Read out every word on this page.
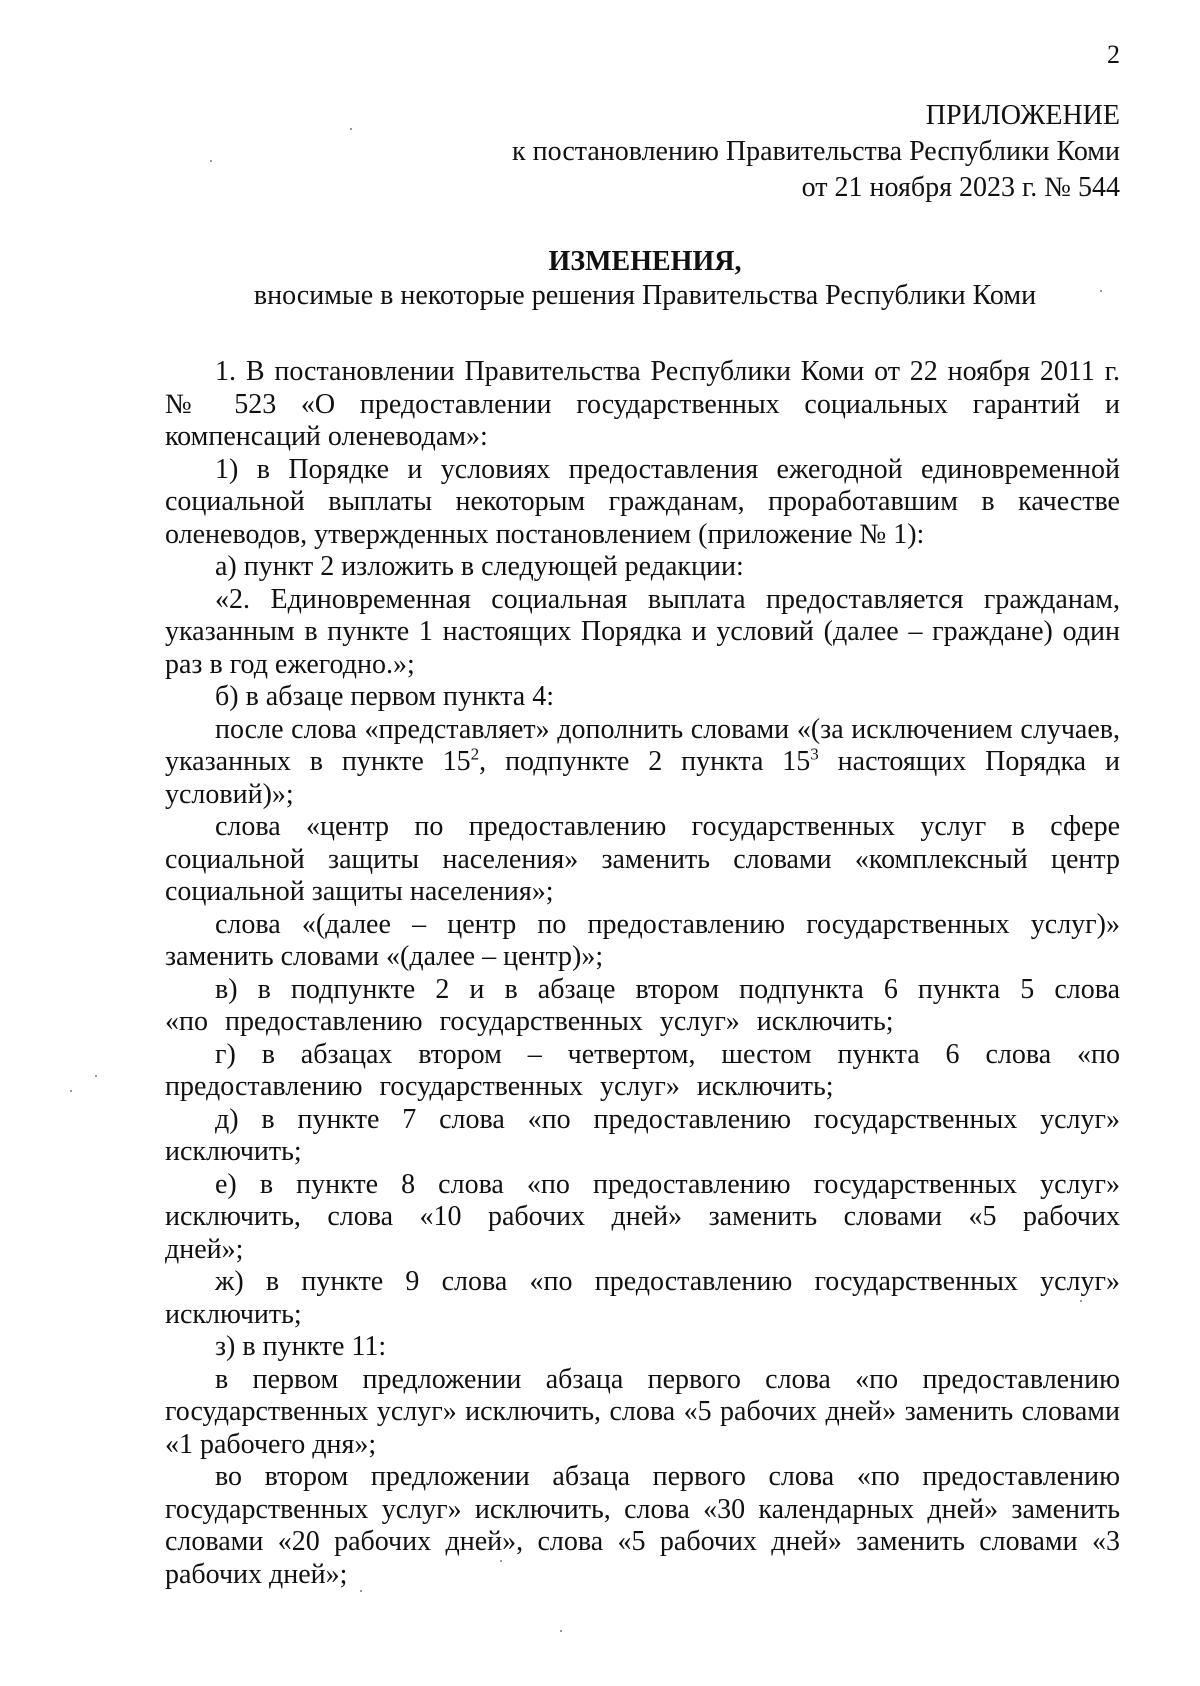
2
ПРИЛОЖЕНИЕ
к постановлению Правительства Республики Коми
от 21 ноября 2023 г. № 544
ИЗМЕНЕНИЯ,
вносимые в некоторые решения Правительства Республики Коми

1. В постановлении Правительства Республики Коми от 22 ноября 2011 г. № 523 «О предоставлении государственных социальных гарантий и компенсаций оленеводам»:

1) в Порядке и условиях предоставления ежегодной единовременной социальной выплаты некоторым гражданам, проработавшим в качестве оленеводов, утвержденных постановлением (приложение № 1):

а) пункт 2 изложить в следующей редакции:

«2. Единовременная социальная выплата предоставляется гражданам, указанным в пункте 1 настоящих Порядка и условий (далее – граждане) один раз в год ежегодно.»;

б) в абзаце первом пункта 4:

после слова «представляет» дополнить словами «(за исключением случаев, указанных в пункте $15^2$, подпункте 2 пункта $15^3$ настоящих Порядка и условий)»;

слова «центр по предоставлению государственных услуг в сфере социальной защиты населения» заменить словами «комплексный центр социальной защиты населения»;

слова «(далее – центр по предоставлению государственных услуг)» заменить словами «(далее – центр)»;

в) в подпункте 2 и в абзаце втором подпункта 6 пункта 5 слова «по предоставлению государственных услуг» исключить;

г) в абзацах втором – четвертом, шестом пункта 6 слова «по предоставлению государственных услуг» исключить;

д) в пункте 7 слова «по предоставлению государственных услуг» исключить;

е) в пункте 8 слова «по предоставлению государственных услуг» исключить, слова «10 рабочих дней» заменить словами «5 рабочих дней»;

ж) в пункте 9 слова «по предоставлению государственных услуг» исключить;

з) в пункте 11:

в первом предложении абзаца первого слова «по предоставлению государственных услуг» исключить, слова «5 рабочих дней» заменить словами «1 рабочего дня»;

во втором предложении абзаца первого слова «по предоставлению государственных услуг» исключить, слова «30 календарных дней» заменить словами «20 рабочих дней», слова «5 рабочих дней» заменить словами «3 рабочих дней»;
